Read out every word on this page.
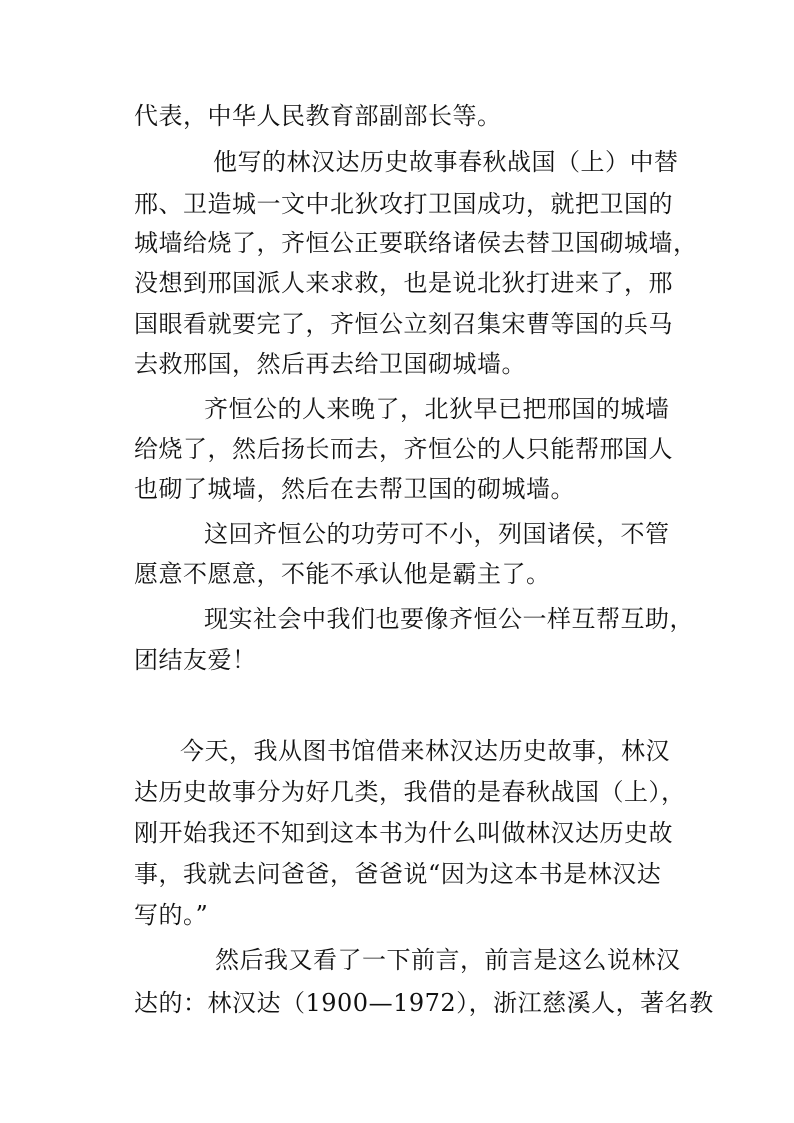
代表，中华人民教育部副部长等。
他写的林汉达历史故事春秋战国（上）中替
邢、卫造城一文中北狄攻打卫国成功，就把卫国的
城墙给烧了，齐恒公正要联络诸侯去替卫国砌城墙，
没想到邢国派人来求救，也是说北狄打进来了，邢
国眼看就要完了，齐恒公立刻召集宋曹等国的兵马
去救邢国，然后再去给卫国砌城墙。
齐恒公的人来晚了，北狄早已把邢国的城墙
给烧了，然后扬长而去，齐恒公的人只能帮邢国人
也砌了城墙，然后在去帮卫国的砌城墙。
这回齐恒公的功劳可不小，列国诸侯，不管
愿意不愿意，不能不承认他是霸主了。
现实社会中我们也要像齐恒公一样互帮互助，
团结友爱！
今天，我从图书馆借来林汉达历史故事，林汉
达历史故事分为好几类，我借的是春秋战国（上），
刚开始我还不知到这本书为什么叫做林汉达历史故
事，我就去问爸爸，爸爸说“因为这本书是林汉达
写的。”
然后我又看了一下前言，前言是这么说林汉
达的：林汉达（1900—1972），浙江慈溪人，著名教
